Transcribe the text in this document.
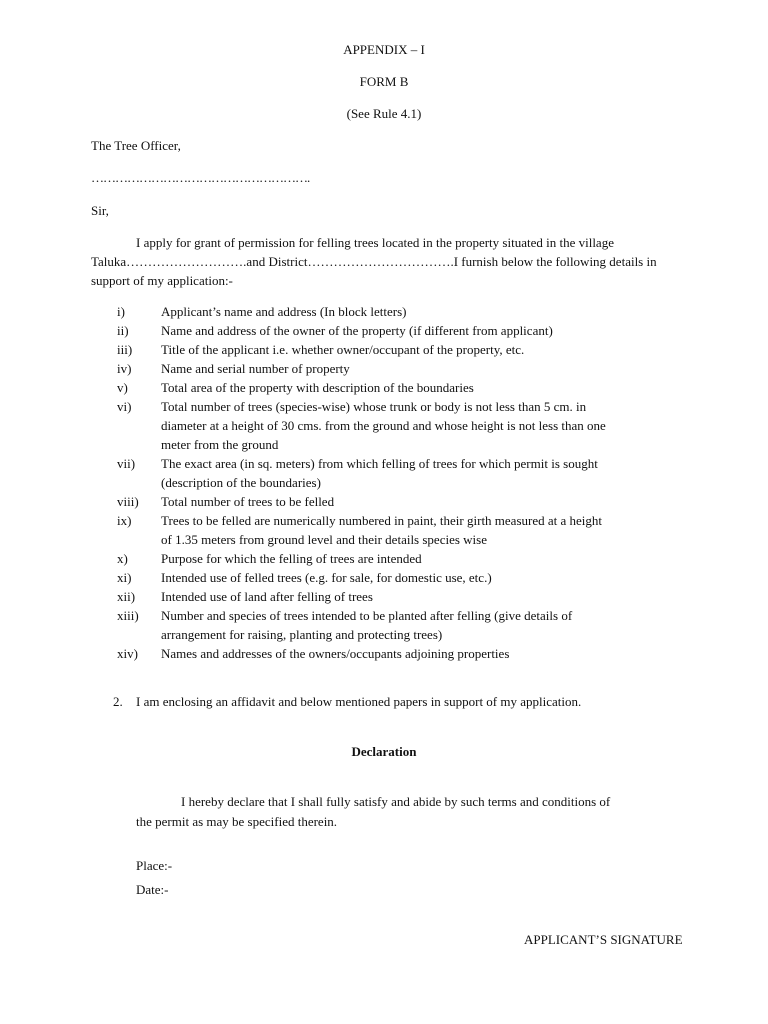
APPENDIX – I
FORM B
(See Rule 4.1)
The Tree Officer,
……………………………………………….
Sir,
I apply for grant of permission for felling trees located in the property situated in the village
Taluka……………………….and District…………………………….I furnish below the following details in
support of my application:-
i)	Applicant’s name and address (In block letters)
ii)	Name and address of the owner of the property (if different from applicant)
iii)	Title of the applicant i.e. whether owner/occupant of the property, etc.
iv)	Name and serial number of property
v)	Total area of the property with description of the boundaries
vi)	Total number of trees (species-wise) whose trunk or body is not less than 5 cm. in
diameter at a height of 30 cms. from the ground and whose height is not less than one
meter from the ground
vii)	The exact area (in sq. meters) from which felling of trees for which permit is sought
(description of the boundaries)
viii)	Total number of trees to be felled
ix)	Trees to be felled are numerically numbered in paint, their girth measured at a height
of 1.35 meters from ground level and their details species wise
x)	Purpose for which the felling of trees are intended
xi)	Intended use of felled trees (e.g. for sale, for domestic use, etc.)
xii)	Intended use of land after felling of trees
xiii)	Number and species of trees intended to be planted after felling (give details of
arrangement for raising, planting and protecting trees)
xiv)	Names and addresses of the owners/occupants adjoining properties
2. I am enclosing an affidavit and below mentioned papers in support of my application.
Declaration
I hereby declare that I shall fully satisfy and abide by such terms and conditions of
the permit as may be specified therein.
Place:-
Date:-
APPLICANT’S SIGNATURE
